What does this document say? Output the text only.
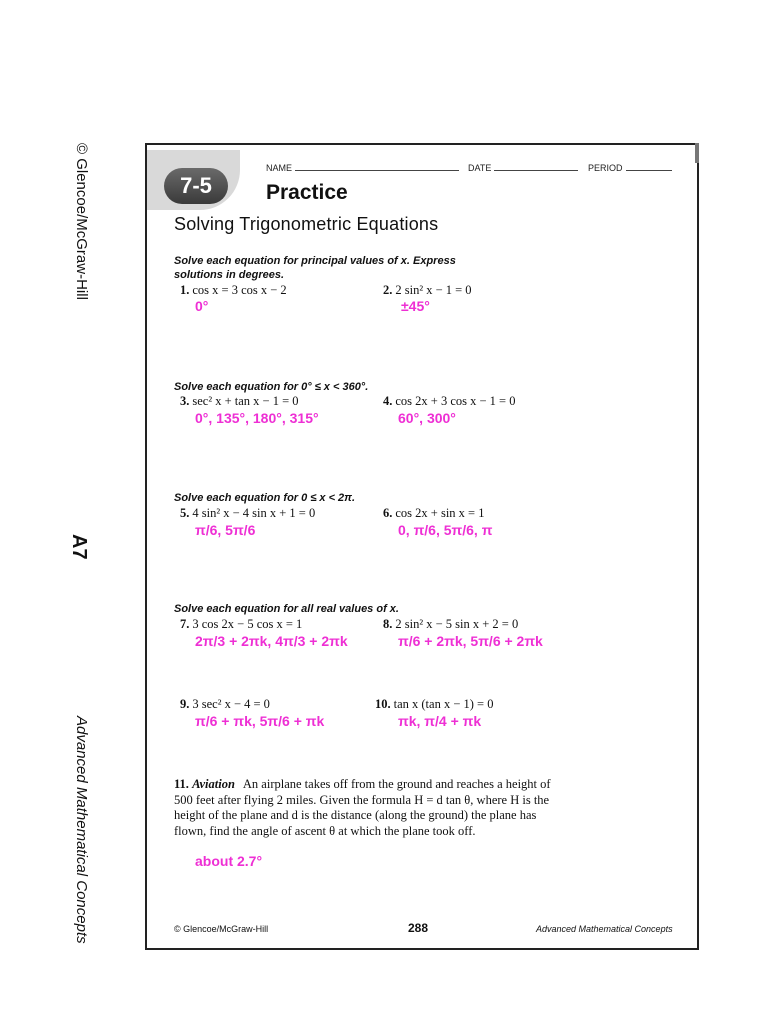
© Glencoe/McGraw-Hill
A7
Advanced Mathematical Concepts
7-5
NAME	DATE	PERIOD
Practice
Solving Trigonometric Equations
Solve each equation for principal values of x. Express solutions in degrees.
1. cos x = 3 cos x − 2
0°
2. 2 sin² x − 1 = 0
±45°
Solve each equation for 0° ≤ x < 360°.
3. sec² x + tan x − 1 = 0
0°, 135°, 180°, 315°
4. cos 2x + 3 cos x − 1 = 0
60°, 300°
Solve each equation for 0 ≤ x < 2π.
5. 4 sin² x − 4 sin x + 1 = 0
π/6, 5π/6
6. cos 2x + sin x = 1
0, π/6, 5π/6, π
Solve each equation for all real values of x.
7. 3 cos 2x − 5 cos x = 1
2π/3 + 2πk, 4π/3 + 2πk
8. 2 sin² x − 5 sin x + 2 = 0
π/6 + 2πk, 5π/6 + 2πk
9. 3 sec² x − 4 = 0
π/6 + πk, 5π/6 + πk
10. tan x (tan x − 1) = 0
πk, π/4 + πk
11. Aviation An airplane takes off from the ground and reaches a height of 500 feet after flying 2 miles. Given the formula H = d tan θ, where H is the height of the plane and d is the distance (along the ground) the plane has flown, find the angle of ascent θ at which the plane took off.
about 2.7°
© Glencoe/McGraw-Hill	288	Advanced Mathematical Concepts
